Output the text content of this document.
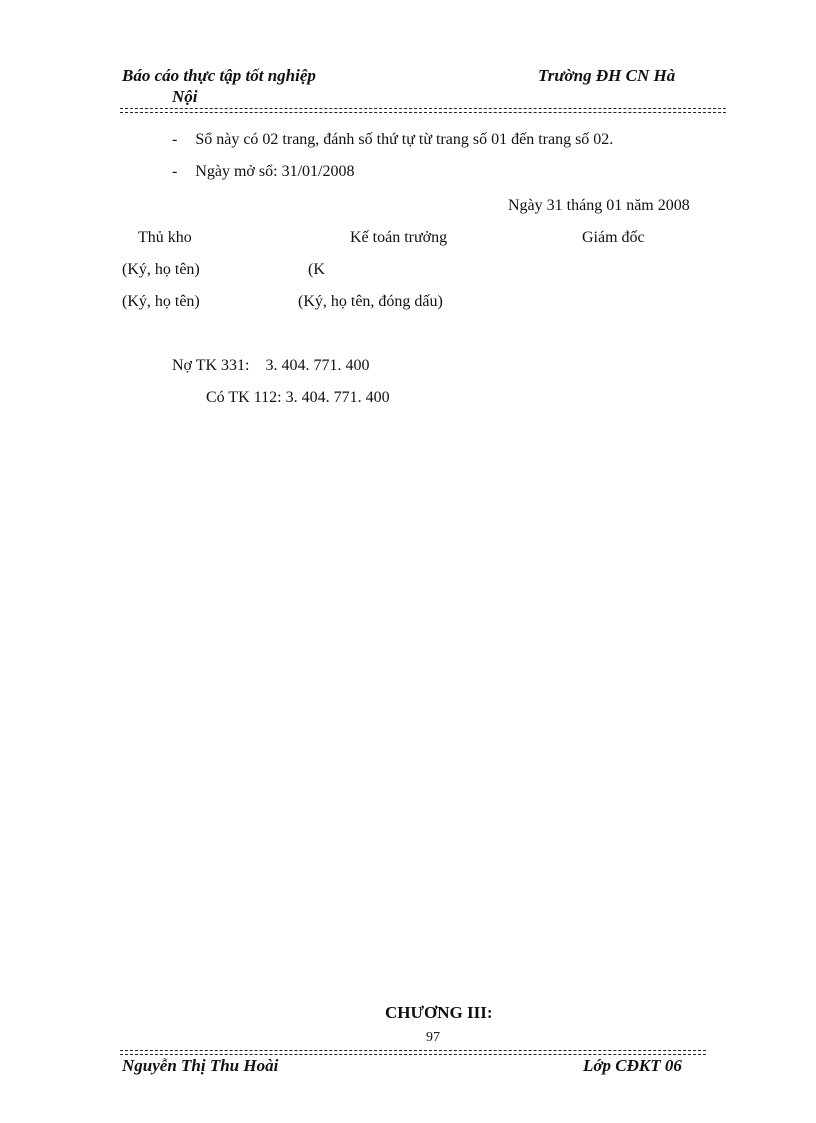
Báo cáo thực tập tốt nghiệp	Trường ĐH CN Hà
Nội
- Sổ này có 02 trang, đánh số thứ tự từ trang số 01 đến trang số 02.
- Ngày mở sổ: 31/01/2008
Ngày 31 tháng 01 năm 2008
Thủ kho	Kế toán trưởng	Giám đốc
(Ký, họ tên)	(K
(Ký, họ tên)	(Ký, họ tên, đóng dấu)
Nợ TK 331:    3. 404. 771. 400
Có TK 112: 3. 404. 771. 400
CHƯƠNG III:
97
Nguyễn Thị Thu Hoài	Lớp CĐKT 06
